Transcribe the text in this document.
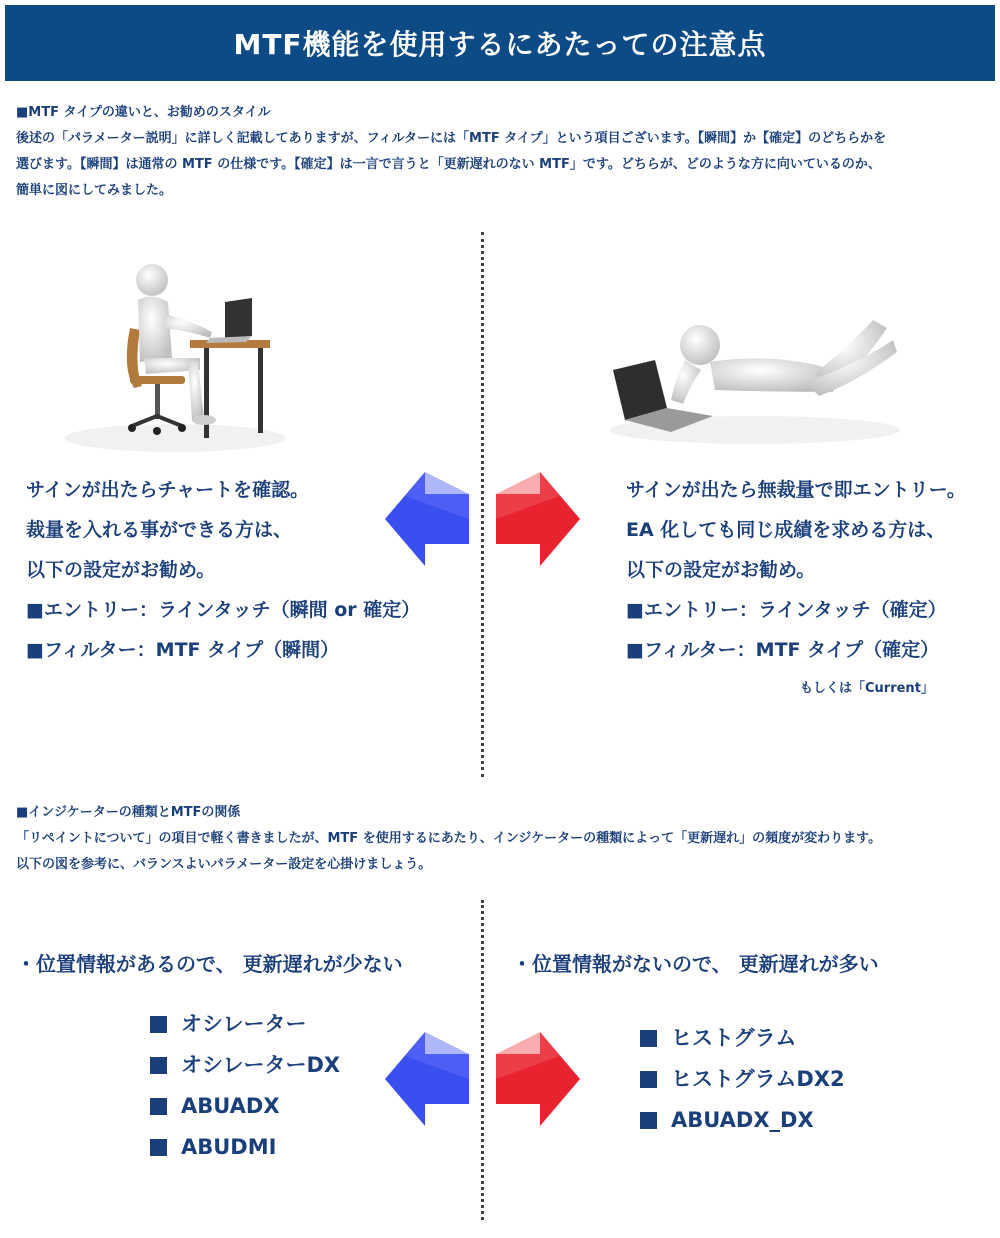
MTF機能を使用するにあたっての注意点

■MTF タイプの違いと、お勧めのスタイル

後述の「パラメーター説明」に詳しく記載してありますが、フィルターには「MTF タイプ」という項目ございます。【瞬間】か【確定】のどちらかを

選びます。【瞬間】は通常の MTF の仕様です。【確定】は一言で言うと「更新遅れのない MTF」です。どちらが、どのような方に向いているのか、

簡単に図にしてみました。

サインが出たらチャートを確認。

裁量を入れる事ができる方は、

以下の設定がお勧め。

■エントリー：ラインタッチ（瞬間 or 確定）

■フィルター：MTF タイプ（瞬間）

サインが出たら無裁量で即エントリー。

EA 化しても同じ成績を求める方は、

以下の設定がお勧め。

■エントリー：ラインタッチ（確定）

■フィルター：MTF タイプ（確定）

もしくは「Current」

■インジケーターの種類とMTFの関係

「リペイントについて」の項目で軽く書きましたが、MTF を使用するにあたり、インジケーターの種類によって「更新遅れ」の頻度が変わります。

以下の図を参考に、バランスよいパラメーター設定を心掛けましょう。

・位置情報があるので、 更新遅れが少ない
オシレーター
オシレーターDX
ABUADX
ABUDMI
・位置情報がないので、 更新遅れが多い
ヒストグラム
ヒストグラムDX2
ABUADX_DX
